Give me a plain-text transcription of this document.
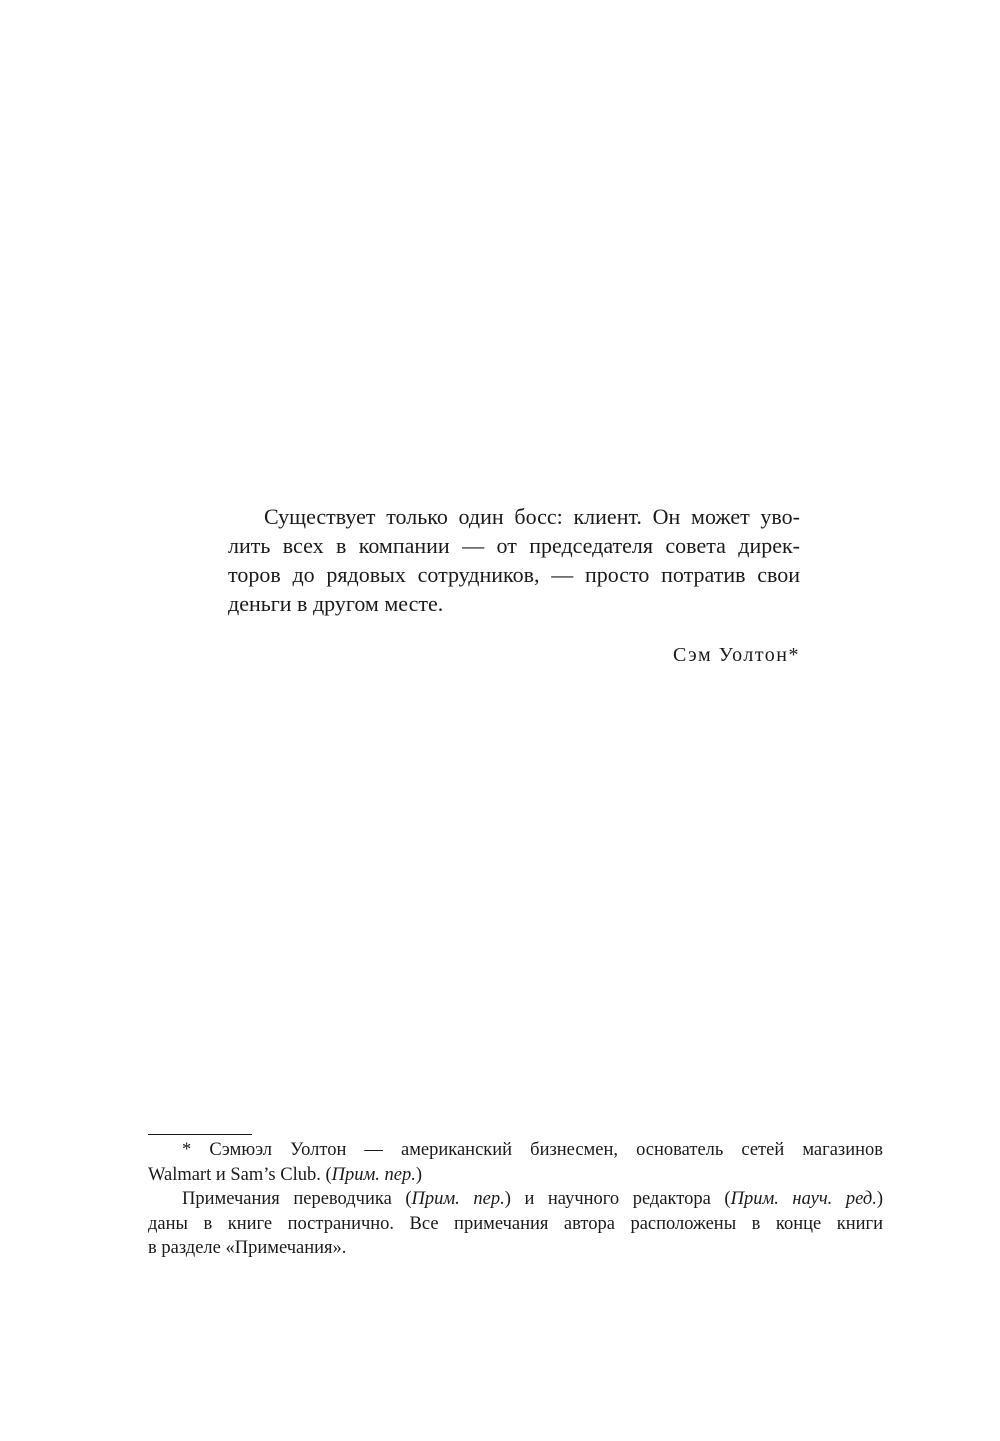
Существует только один босс: клиент. Он может уво-
лить всех в компании — от председателя совета дирек-
торов до рядовых сотрудников, — просто потратив свои
деньги в другом месте.
Сэм Уолтон*
* Сэмюэл Уолтон — американский бизнесмен, основатель сетей магазинов
Walmart и Sam’s Club. (Прим. пер.)
Примечания переводчика (Прим. пер.) и научного редактора (Прим. науч. ред.)
даны в книге постранично. Все примечания автора расположены в конце книги
в разделе «Примечания».
